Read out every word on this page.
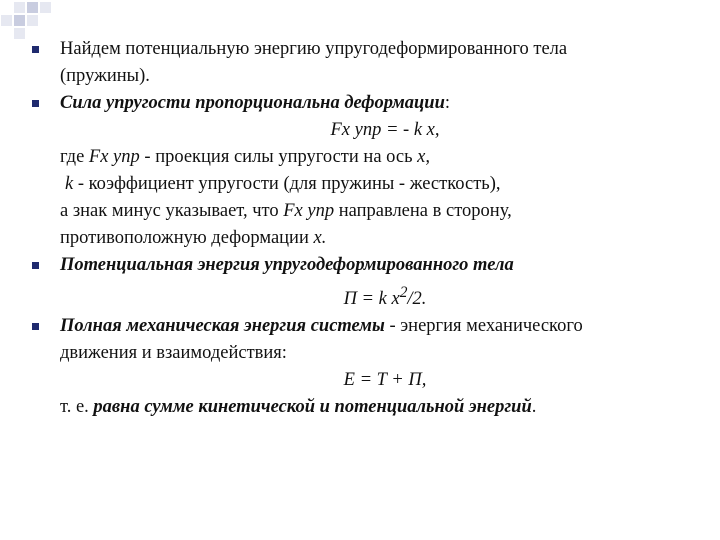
Найдем потенциальную энергию упругодеформированного тела
(пружины).
Сила упругости пропорциональна деформации:
Fx упр = - k x,
где Fx упр - проекция силы упругости на ось x,
k - коэффициент упругости (для пружины - жесткость),
а знак минус указывает, что Fx упр направлена в сторону,
противоположную деформации x.
Потенциальная энергия упругодеформированного тела
П = k $x^2/2$.
Полная механическая энергия системы - энергия механического
движения и взаимодействия:
E = T + П,
т. е. равна сумме кинетической и потенциальной энергий.
